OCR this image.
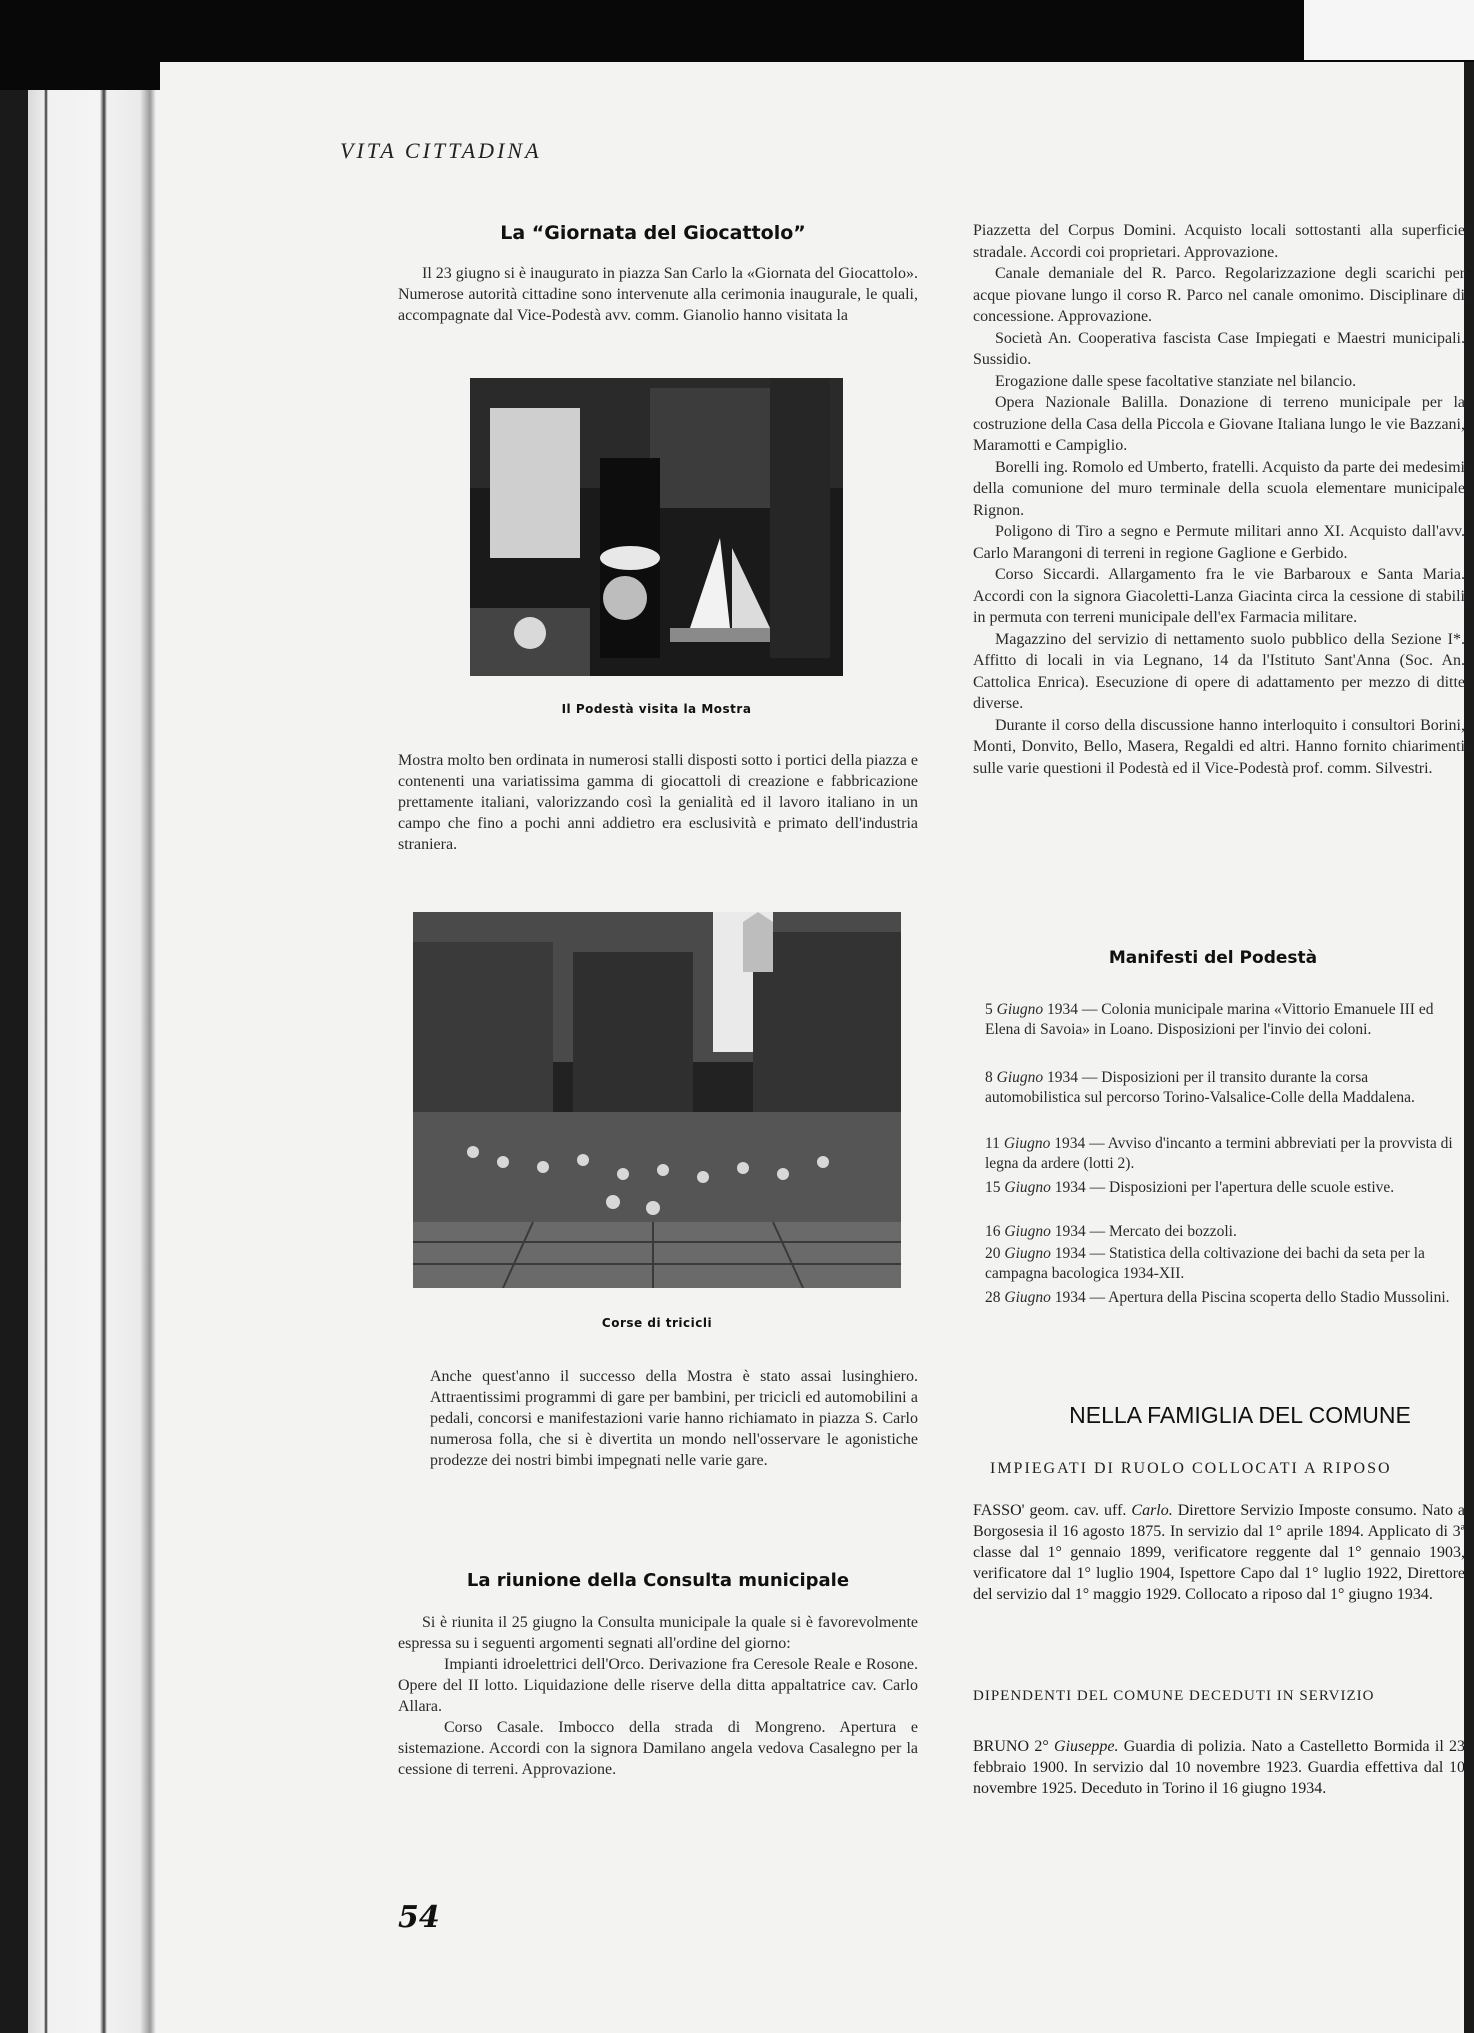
VITA CITTADINA
La “Giornata del Giocattolo”

Il 23 giugno si è inaugurato in piazza San Carlo la «Giornata del Giocattolo». Numerose autorità cittadine sono intervenute alla cerimonia inaugurale, le quali, accompagnate dal Vice-Podestà avv. comm. Gianolio hanno visitata la

Il Podestà visita la Mostra

Mostra molto ben ordinata in numerosi stalli disposti sotto i portici della piazza e contenenti una variatissima gamma di giocattoli di creazione e fabbricazione prettamente italiani, valorizzando così la genialità ed il lavoro italiano in un campo che fino a pochi anni addietro era esclusività e primato dell'industria straniera.

Corse di tricicli

Anche quest'anno il successo della Mostra è stato assai lusinghiero. Attraentissimi programmi di gare per bambini, per tricicli ed automobilini a pedali, concorsi e manifestazioni varie hanno richiamato in piazza S. Carlo numerosa folla, che si è divertita un mondo nell'osservare le agonistiche prodezze dei nostri bimbi impegnati nelle varie gare.

La riunione della Consulta municipale

Si è riunita il 25 giugno la Consulta municipale la quale si è favorevolmente espressa su i seguenti argomenti segnati all'ordine del giorno:

Impianti idroelettrici dell'Orco. Derivazione fra Ceresole Reale e Rosone. Opere del II lotto. Liquidazione delle riserve della ditta appaltatrice cav. Carlo Allara.

Corso Casale. Imbocco della strada di Mongreno. Apertura e sistemazione. Accordi con la signora Damilano angela vedova Casalegno per la cessione di terreni. Approvazione.

54

Piazzetta del Corpus Domini. Acquisto locali sottostanti alla superficie stradale. Accordi coi proprietari. Approvazione.

Canale demaniale del R. Parco. Regolarizzazione degli scarichi per acque piovane lungo il corso R. Parco nel canale omonimo. Disciplinare di concessione. Approvazione.

Società An. Cooperativa fascista Case Impiegati e Maestri municipali. Sussidio.

Erogazione dalle spese facoltative stanziate nel bilancio.

Opera Nazionale Balilla. Donazione di terreno municipale per la costruzione della Casa della Piccola e Giovane Italiana lungo le vie Bazzani, Maramotti e Campiglio.

Borelli ing. Romolo ed Umberto, fratelli. Acquisto da parte dei medesimi della comunione del muro terminale della scuola elementare municipale Rignon.

Poligono di Tiro a segno e Permute militari anno XI. Acquisto dall'avv. Carlo Marangoni di terreni in regione Gaglione e Gerbido.

Corso Siccardi. Allargamento fra le vie Barbaroux e Santa Maria. Accordi con la signora Giacoletti-Lanza Giacinta circa la cessione di stabili in permuta con terreni municipale dell'ex Farmacia militare.

Magazzino del servizio di nettamento suolo pubblico della Sezione I*. Affitto di locali in via Legnano, 14 da l'Istituto Sant'Anna (Soc. An. Cattolica Enrica). Esecuzione di opere di adattamento per mezzo di ditte diverse.

Durante il corso della discussione hanno interloquito i consultori Borini, Monti, Donvito, Bello, Masera, Regaldi ed altri. Hanno fornito chiarimenti sulle varie questioni il Podestà ed il Vice-Podestà prof. comm. Silvestri.

Manifesti del Podestà
5 Giugno 1934 — Colonia municipale marina «Vittorio Emanuele III ed Elena di Savoia» in Loano. Disposizioni per l'invio dei coloni.
8 Giugno 1934 — Disposizioni per il transito durante la corsa automobilistica sul percorso Torino-Valsalice-Colle della Maddalena.
11 Giugno 1934 — Avviso d'incanto a termini abbreviati per la provvista di legna da ardere (lotti 2).
15 Giugno 1934 — Disposizioni per l'apertura delle scuole estive.
16 Giugno 1934 — Mercato dei bozzoli.
20 Giugno 1934 — Statistica della coltivazione dei bachi da seta per la campagna bacologica 1934-XII.
28 Giugno 1934 — Apertura della Piscina scoperta dello Stadio Mussolini.
NELLA FAMIGLIA DEL COMUNE
IMPIEGATI DI RUOLO COLLOCATI A RIPOSO
FASSO' geom. cav. uff. Carlo. Direttore Servizio Imposte consumo. Nato a Borgosesia il 16 agosto 1875. In servizio dal 1° aprile 1894. Applicato di 3ª classe dal 1° gennaio 1899, verificatore reggente dal 1° gennaio 1903, verificatore dal 1° luglio 1904, Ispettore Capo dal 1° luglio 1922, Direttore del servizio dal 1° maggio 1929. Collocato a riposo dal 1° giugno 1934.
DIPENDENTI DEL COMUNE DECEDUTI IN SERVIZIO
BRUNO 2° Giuseppe. Guardia di polizia. Nato a Castelletto Bormida il 23 febbraio 1900. In servizio dal 10 novembre 1923. Guardia effettiva dal 10 novembre 1925. Deceduto in Torino il 16 giugno 1934.
